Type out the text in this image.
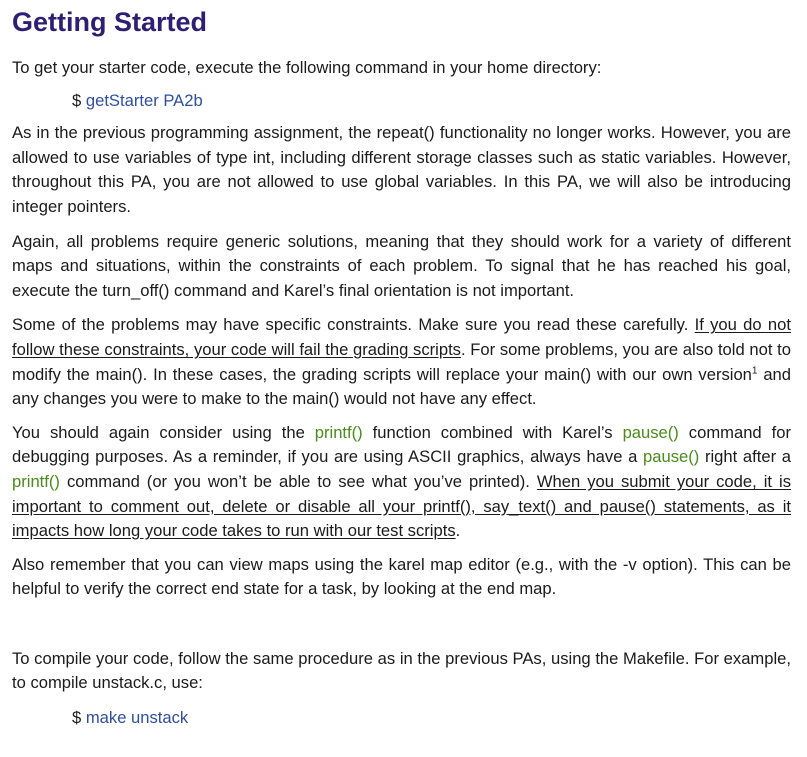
Getting Started

To get your starter code, execute the following command in your home directory:

$ getStarter PA2b

As in the previous programming assignment, the repeat() functionality no longer works. However, you are allowed to use variables of type int, including different storage classes such as static variables. However, throughout this PA, you are not allowed to use global variables. In this PA, we will also be introducing integer pointers.

Again, all problems require generic solutions, meaning that they should work for a variety of different maps and situations, within the constraints of each problem. To signal that he has reached his goal, execute the turn_off() command and Karel’s final orientation is not important.

Some of the problems may have specific constraints. Make sure you read these carefully. If you do not follow these constraints, your code will fail the grading scripts. For some problems, you are also told not to modify the main(). In these cases, the grading scripts will replace your main() with our own version$^1$ and any changes you were to make to the main() would not have any effect.

You should again consider using the printf() function combined with Karel’s pause() command for debugging purposes. As a reminder, if you are using ASCII graphics, always have a pause() right after a printf() command (or you won’t be able to see what you’ve printed). When you submit your code, it is important to comment out, delete or disable all your printf(), say_text() and pause() statements, as it impacts how long your code takes to run with our test scripts.

Also remember that you can view maps using the karel map editor (e.g., with the -v option). This can be helpful to verify the correct end state for a task, by looking at the end map.

To compile your code, follow the same procedure as in the previous PAs, using the Makefile. For example, to compile unstack.c, use:

$ make unstack
